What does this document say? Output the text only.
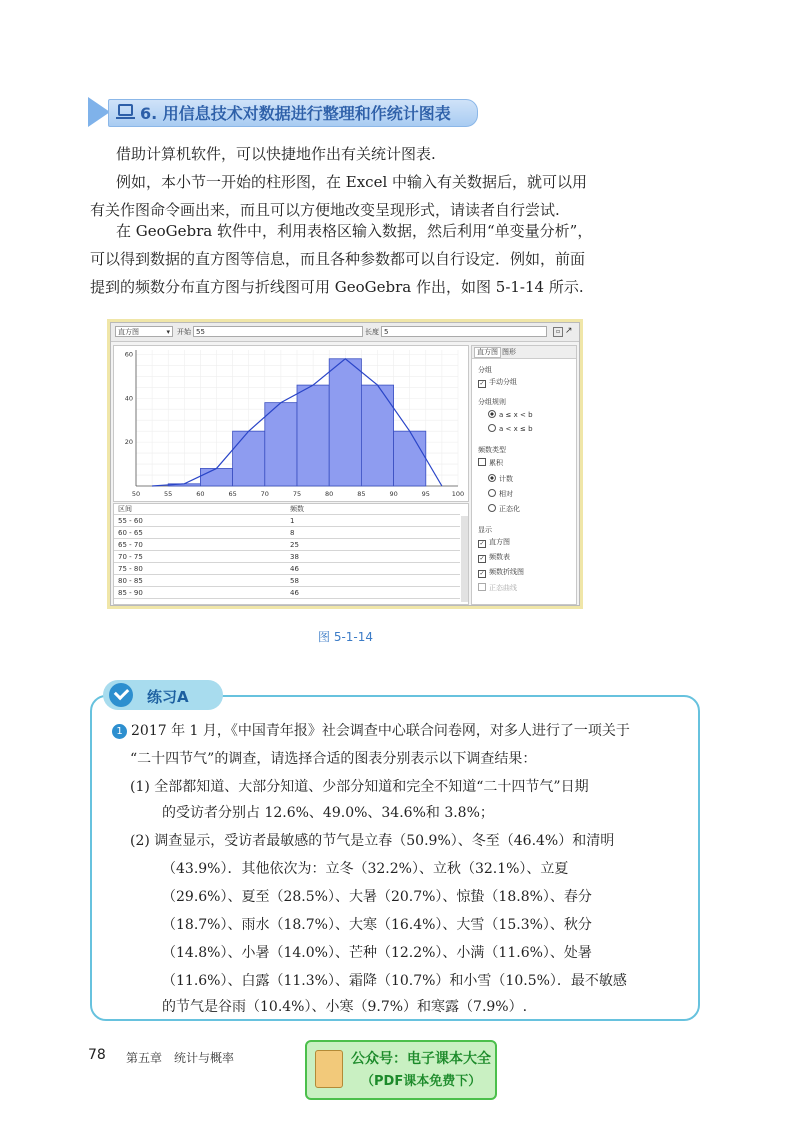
6. 用信息技术对数据进行整理和作统计图表
借助计算机软件，可以快捷地作出有关统计图表.
例如，本小节一开始的柱形图，在 Excel 中输入有关数据后，就可以用
有关作图命令画出来，而且可以方便地改变呈现形式，请读者自行尝试.
在 GeoGebra 软件中，利用表格区输入数据，然后利用“单变量分析”，
可以得到数据的直方图等信息，而且各种参数都可以自行设定．例如，前面
提到的频数分布直方图与折线图可用 GeoGebra 作出，如图 5-1-14 所示.
直方图	▾ 开始 55	长度 5	▫ ↗
50	55	60	65	70	75	80	85	90	95	100
20
40
60
区间	频数
55 - 60	1
60 - 65	8
65 - 70	25
70 - 75	38
75 - 80	46
80 - 85	58
85 - 90	46
直方图 图形
分组
✓ 手动分组
分组规则
a ≤ x < b
a < x ≤ b
频数类型
累积
计数
相对
正态化
显示
✓ 直方图
✓ 频数表
✓ 频数折线图
正态曲线
图 5-1-14
练习A
1 2017 年 1 月，《中国青年报》社会调查中心联合问卷网，对多人进行了一项关于
“二十四节气”的调查，请选择合适的图表分别表示以下调查结果：
(1) 全部都知道、大部分知道、少部分知道和完全不知道“二十四节气”日期
的受访者分别占 12.6%、49.0%、34.6%和 3.8%；
(2) 调查显示，受访者最敏感的节气是立春（50.9%）、冬至（46.4%）和清明
（43.9%）．其他依次为：立冬（32.2%）、立秋（32.1%）、立夏
（29.6%）、夏至（28.5%）、大暑（20.7%）、惊蛰（18.8%）、春分
（18.7%）、雨水（18.7%）、大寒（16.4%）、大雪（15.3%）、秋分
（14.8%）、小暑（14.0%）、芒种（12.2%）、小满（11.6%）、处暑
（11.6%）、白露（11.3%）、霜降（10.7%）和小雪（10.5%）．最不敏感
的节气是谷雨（10.4%）、小寒（9.7%）和寒露（7.9%）.
78 第五章　统计与概率	公众号：电子课本大全
（PDF课本免费下）
